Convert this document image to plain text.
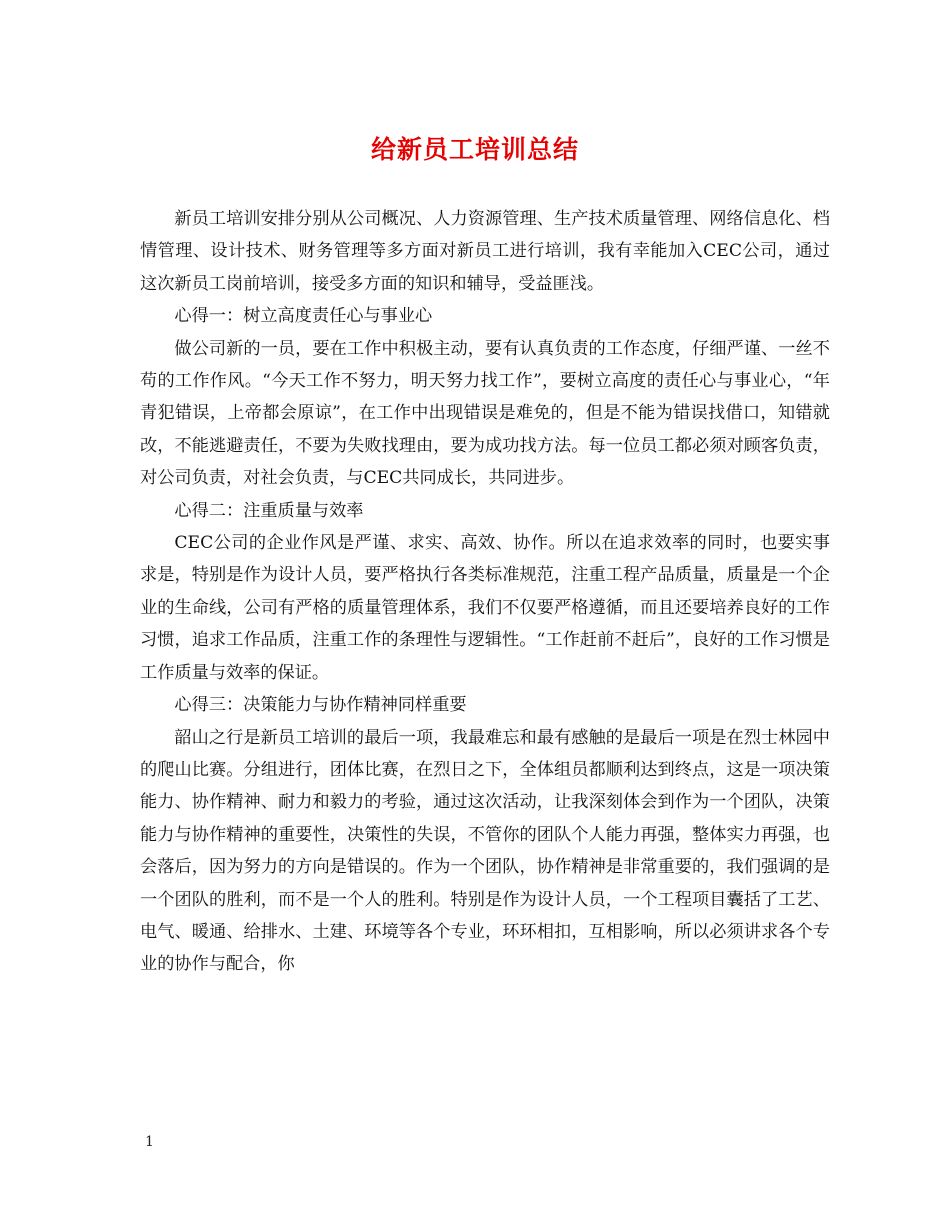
给新员工培训总结

新员工培训安排分别从公司概况、人力资源管理、生产技术质量管理、网络信息化、档情管理、设计技术、财务管理等多方面对新员工进行培训，我有幸能加入CEC公司，通过这次新员工岗前培训，接受多方面的知识和辅导，受益匪浅。

心得一：树立高度责任心与事业心

做公司新的一员，要在工作中积极主动，要有认真负责的工作态度，仔细严谨、一丝不苟的工作作风。“今天工作不努力，明天努力找工作”，要树立高度的责任心与事业心，“年青犯错误，上帝都会原谅”，在工作中出现错误是难免的，但是不能为错误找借口，知错就改，不能逃避责任，不要为失败找理由，要为成功找方法。每一位员工都必须对顾客负责，对公司负责，对社会负责，与CEC共同成长，共同进步。

心得二：注重质量与效率

CEC公司的企业作风是严谨、求实、高效、协作。所以在追求效率的同时，也要实事求是，特别是作为设计人员，要严格执行各类标准规范，注重工程产品质量，质量是一个企业的生命线，公司有严格的质量管理体系，我们不仅要严格遵循，而且还要培养良好的工作习惯，追求工作品质，注重工作的条理性与逻辑性。“工作赶前不赶后”，良好的工作习惯是工作质量与效率的保证。

心得三：决策能力与协作精神同样重要

韶山之行是新员工培训的最后一项，我最难忘和最有感触的是最后一项是在烈士林园中的爬山比赛。分组进行，团体比赛，在烈日之下，全体组员都顺利达到终点，这是一项决策能力、协作精神、耐力和毅力的考验，通过这次活动，让我深刻体会到作为一个团队，决策能力与协作精神的重要性，决策性的失误，不管你的团队个人能力再强，整体实力再强，也会落后，因为努力的方向是错误的。作为一个团队，协作精神是非常重要的，我们强调的是一个团队的胜利，而不是一个人的胜利。特别是作为设计人员，一个工程项目囊括了工艺、电气、暖通、给排水、土建、环境等各个专业，环环相扣，互相影响，所以必须讲求各个专业的协作与配合，你

1
